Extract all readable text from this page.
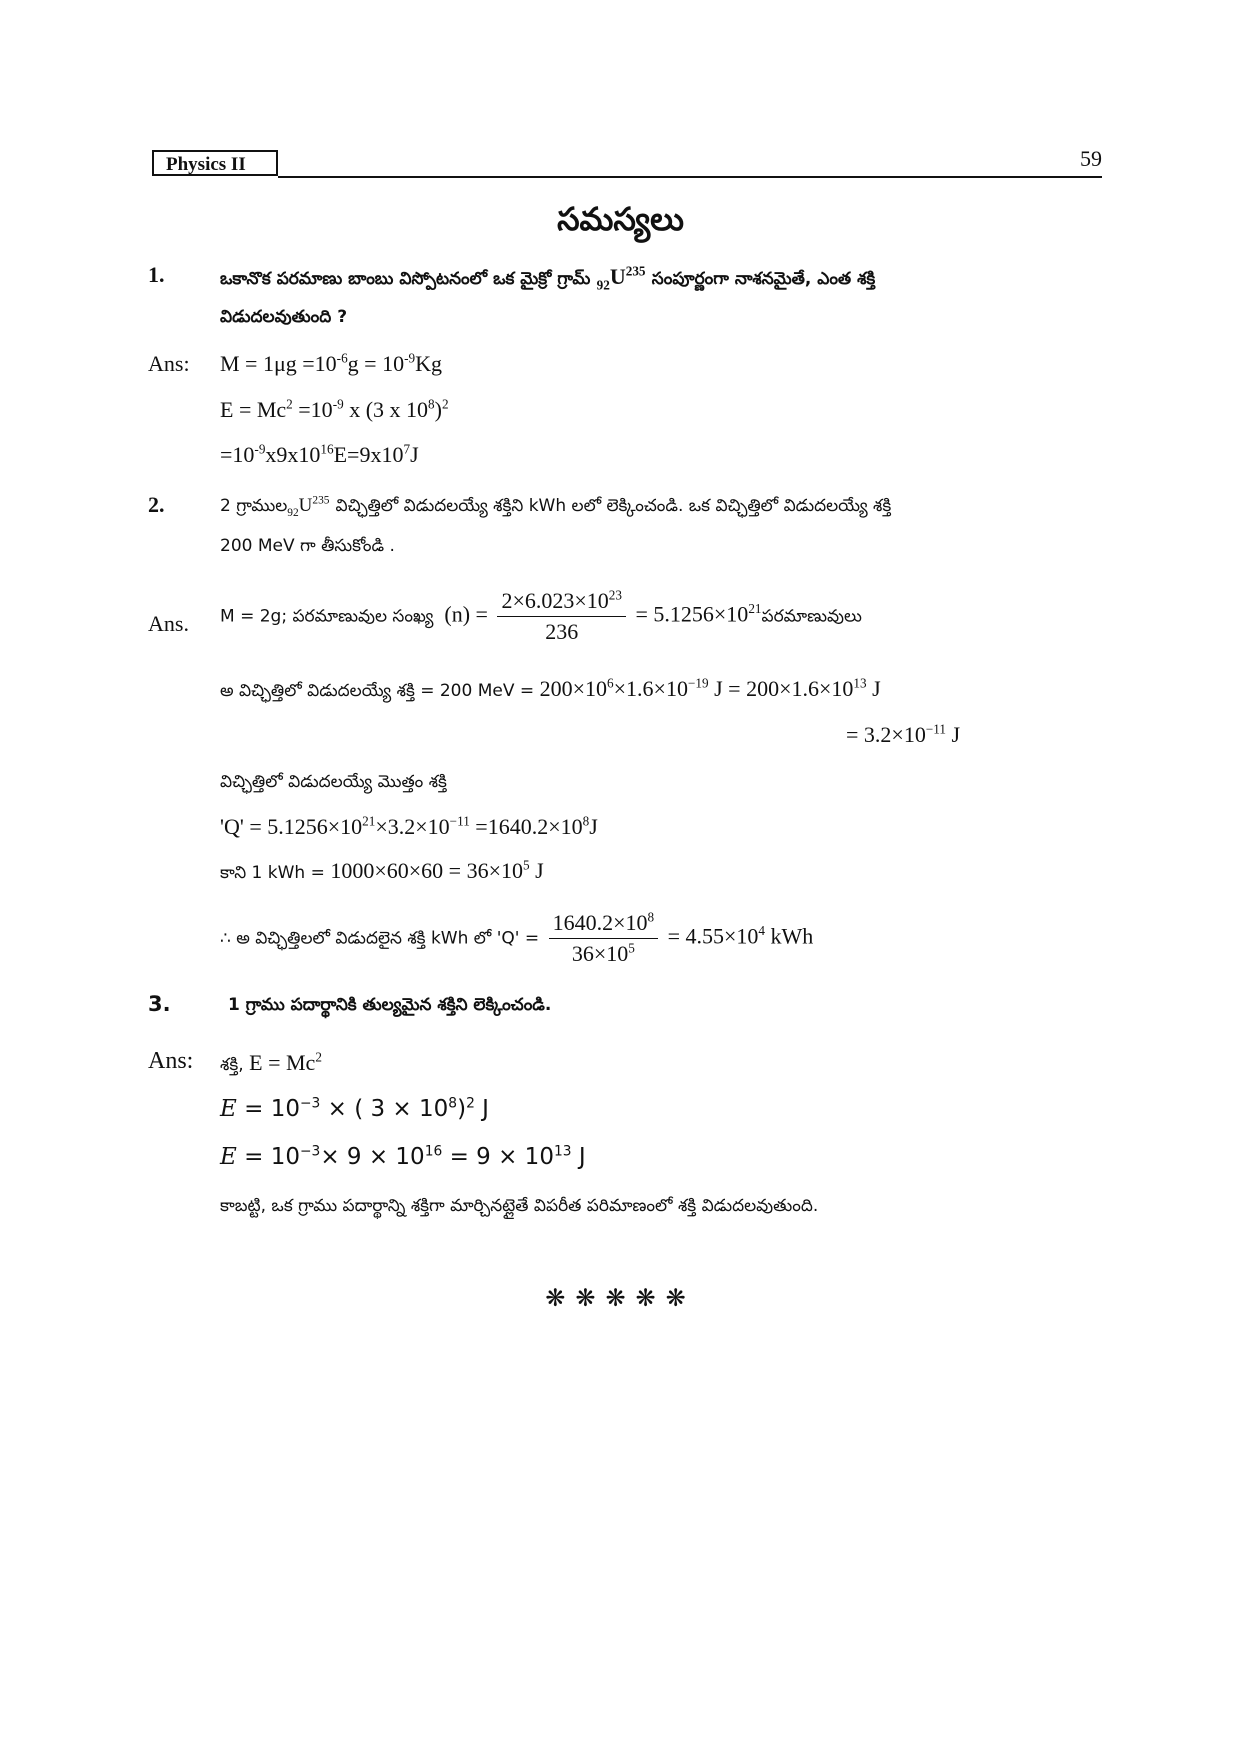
Physics II	59
సమస్యలు
1.	ఒకానొక పరమాణు బాంబు విస్పోటనంలో ఒక మైక్రో గ్రామ్ $_{92}U^{235}$ సంపూర్ణంగా నాశనమైతే, ఎంత శక్తి
విడుదలవుతుంది ?
Ans: $M = 1\mu g =10^{-6}g = 10^{-9}Kg$
$E = Mc^2 =10^{-9}$ x (3 x $10^8)^2$
$=10^{-9}x9x10^{16}E=9x10^7J$
2.	2 $గ్రాముల_{92}U^{235}$ విచ్ఛిత్తిలో విడుదలయ్యే శక్తిని kWh లలో లెక్కించండి. ఒక విచ్ఛిత్తిలో విడుదలయ్యే శక్తి
200 MeV గా తీసుకోండి .
Ans. M = 2g; పరమాణువుల సంఖ్య  $(n) = \frac{2\times 6.023\times 10^{23}}{236}$ = $5.1256\times 10^{21}పరమాణువులు$
అ విచ్ఛిత్తిలో విడుదలయ్యే శక్తి = 200 MeV = $200\times 10^6\times 1.6\times 10^{-19}$ $J = 200\times 1.6\times 10^{13}$ J
= $3.2\times 10^{-11}$ J
విచ్ఛిత్తిలో విడుదలయ్యే మొత్తం శక్తి
'$Q' = 5.1256\times 10^{21}\times 3.2\times 10^{-11} =1640.2\times 10^8J$
కాని 1 kWh = $1000\times 60\times 60 = 36\times 10^5$ J
∴ అ విచ్ఛిత్తిలలో విడుదలైన శక్తి kWh లో '$Q' = \frac{1640.2\times 10^8}{36\times 10^5} = 4.55\times 10^4$ kWh
3.	1 గ్రాము పదార్థానికి తుల్యమైన శక్తిని లెక్కించండి.
Ans: శక్తి, $E = Mc^2$
$E = 10^{-3}$ × ( $3 \times 10^8)^2$ J
$E = 10^{-3}\times 9 \times 10^{16} = 9 \times 10^{13}$ J
కాబట్టి, ఒక గ్రాము పదార్థాన్ని శక్తిగా మార్చినట్లైతే విపరీత పరిమాణంలో శక్తి విడుదలవుతుంది.
❋❋❋❋❋
